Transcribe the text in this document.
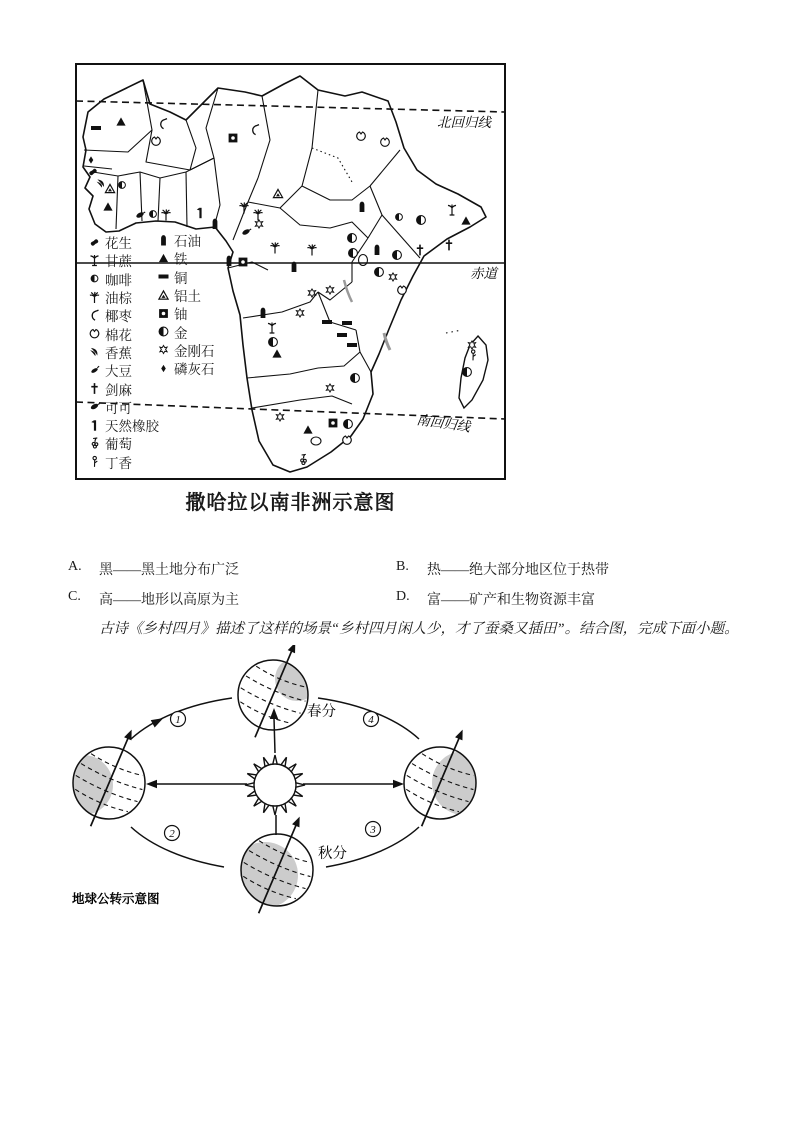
北回归线
赤道
南回归线
花生
甘蔗
咖啡
油棕
椰枣
棉花
香蕉
大豆
剑麻
可可
天然橡胶
葡萄
丁香
石油
铁
铜
铝土
铀
金
金刚石
磷灰石
撒哈拉以南非洲示意图
A.	黑——黑土地分布广泛	B.	热——绝大部分地区位于热带
C.	高——地形以高原为主	D.	富——矿产和生物资源丰富
古诗《乡村四月》描述了这样的场景“乡村四月闲人少，才了蚕桑又插田”。结合图，完成下面小题。
1
2	3
4
春分
秋分
地球公转示意图
